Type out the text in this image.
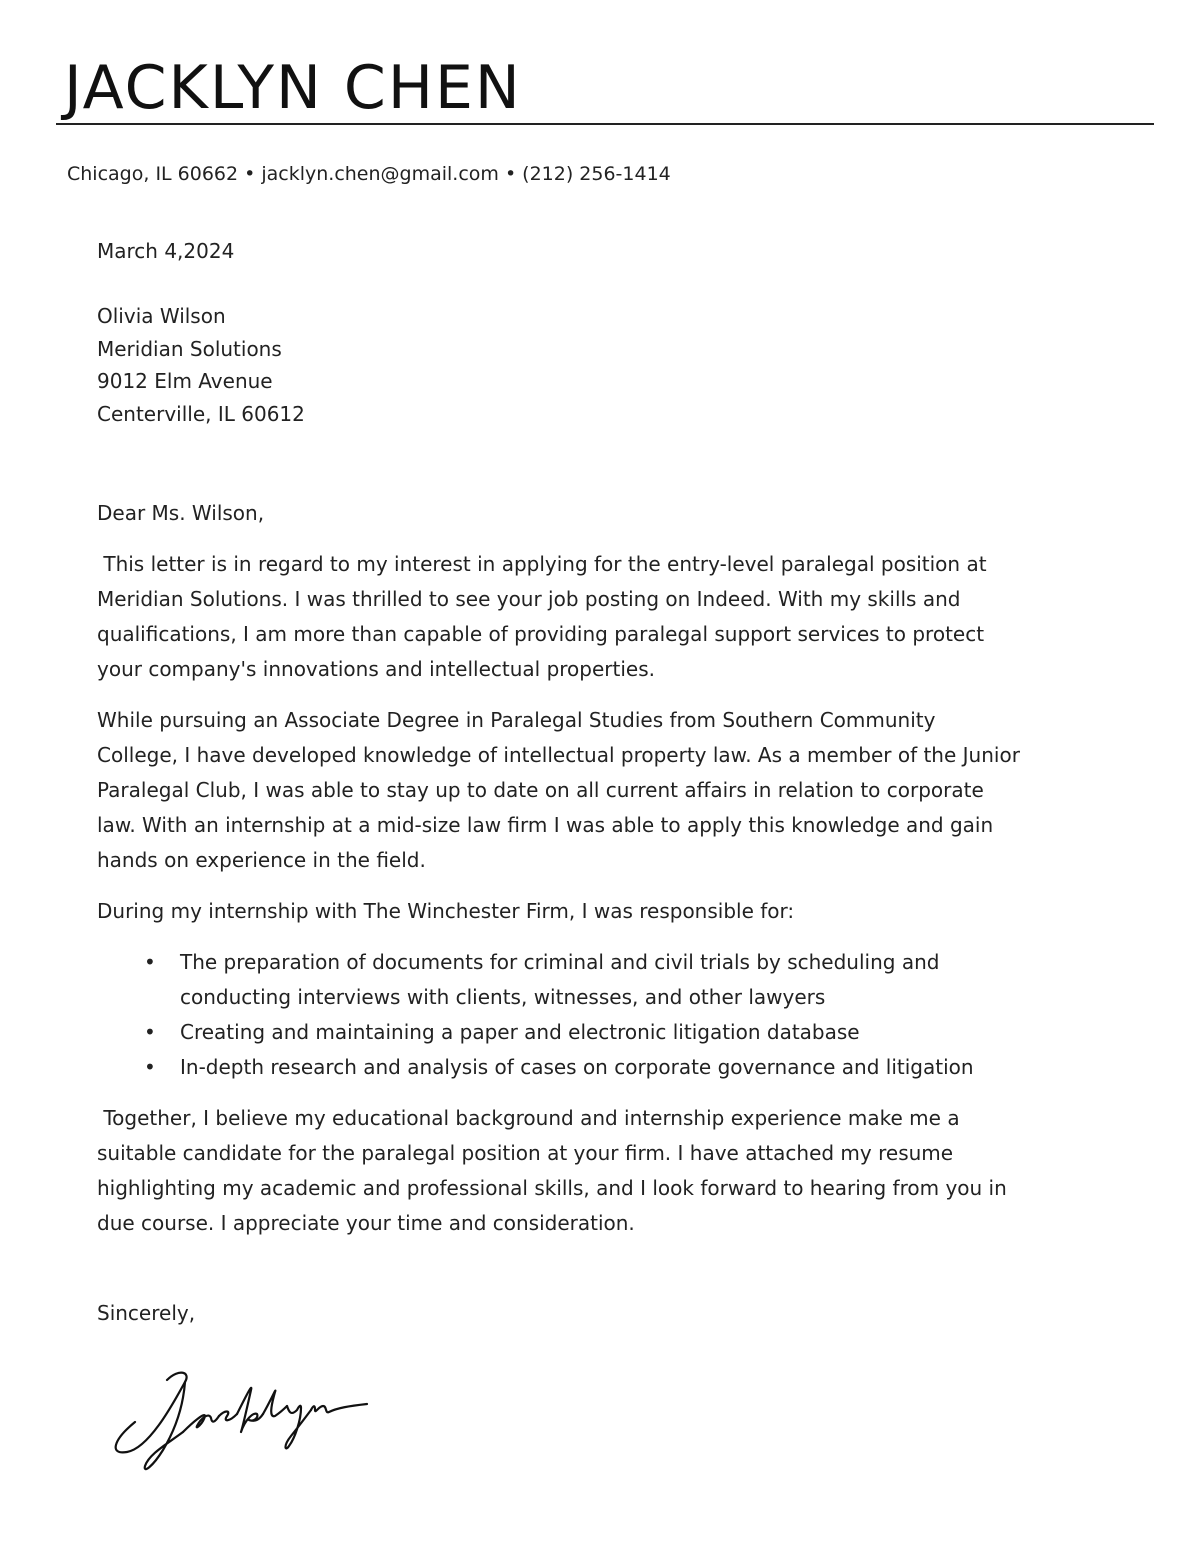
JACKLYN CHEN
Chicago, IL 60662 • jacklyn.chen@gmail.com • (212) 256-1414
March 4,2024
Olivia Wilson
Meridian Solutions
9012 Elm Avenue
Centerville, IL 60612

Dear Ms. Wilson,

This letter is in regard to my interest in applying for the entry-level paralegal position at
Meridian Solutions. I was thrilled to see your job posting on Indeed. With my skills and
qualifications, I am more than capable of providing paralegal support services to protect
your company's innovations and intellectual properties.

While pursuing an Associate Degree in Paralegal Studies from Southern Community
College, I have developed knowledge of intellectual property law. As a member of the Junior
Paralegal Club, I was able to stay up to date on all current affairs in relation to corporate
law. With an internship at a mid-size law firm I was able to apply this knowledge and gain
hands on experience in the field.

During my internship with The Winchester Firm, I was responsible for:

• The preparation of documents for criminal and civil trials by scheduling and
conducting interviews with clients, witnesses, and other lawyers
• Creating and maintaining a paper and electronic litigation database
• In-depth research and analysis of cases on corporate governance and litigation

Together, I believe my educational background and internship experience make me a
suitable candidate for the paralegal position at your firm. I have attached my resume
highlighting my academic and professional skills, and I look forward to hearing from you in
due course. I appreciate your time and consideration.

Sincerely,
